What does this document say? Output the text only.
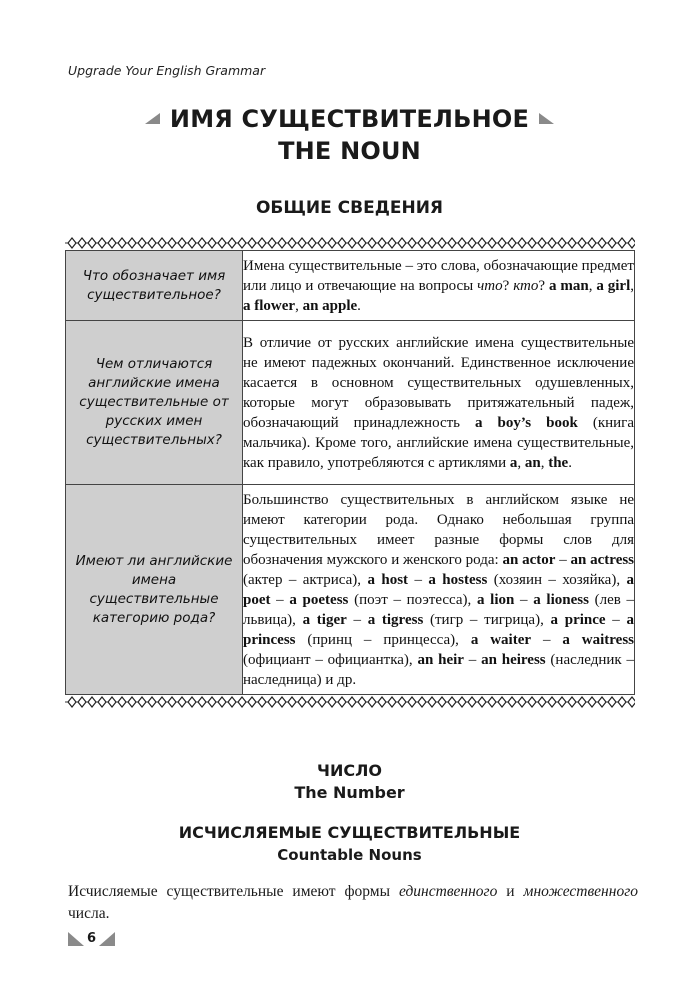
Upgrade Your English Grammar
ИМЯ СУЩЕСТВИТЕЛЬНОЕ
THE NOUN
ОБЩИЕ СВЕДЕНИЯ
Что обозначает имя существительное?	Имена существительные – это слова, обозначающие предмет или лицо и отвечающие на вопросы что? кто? a man, a girl, a flower, an apple.
Чем отличаются английские имена существительные от русских имен существительных?	В отличие от русских английские имена существительные не имеют падежных окончаний. Единственное исключение касается в основном существительных одушевленных, которые могут образовывать притяжательный падеж, обозначающий принадлежность a boy’s book (книга мальчика). Кроме того, английские имена существительные, как правило, употребляются с артиклями a, an, the.
Имеют ли английские имена существительные категорию рода?	Большинство существительных в английском языке не имеют категории рода. Однако небольшая группа существительных имеет разные формы слов для обозначения мужского и женского рода: an actor – an actress (актер – актриса), a host – a hostess (хозяин – хозяйка), a poet – a poetess (поэт – поэтесса), a lion – a lioness (лев – львица), a tiger – a tigress (тигр – тигрица), a prince – a princess (принц – принцесса), a waiter – a waitress (официант – официантка), an heir – an heiress (наследник – наследница) и др.
ЧИСЛО
The Number
ИСЧИСЛЯЕМЫЕ СУЩЕСТВИТЕЛЬНЫЕ
Countable Nouns
Исчисляемые существительные имеют формы единственного и множественного числа.
6
